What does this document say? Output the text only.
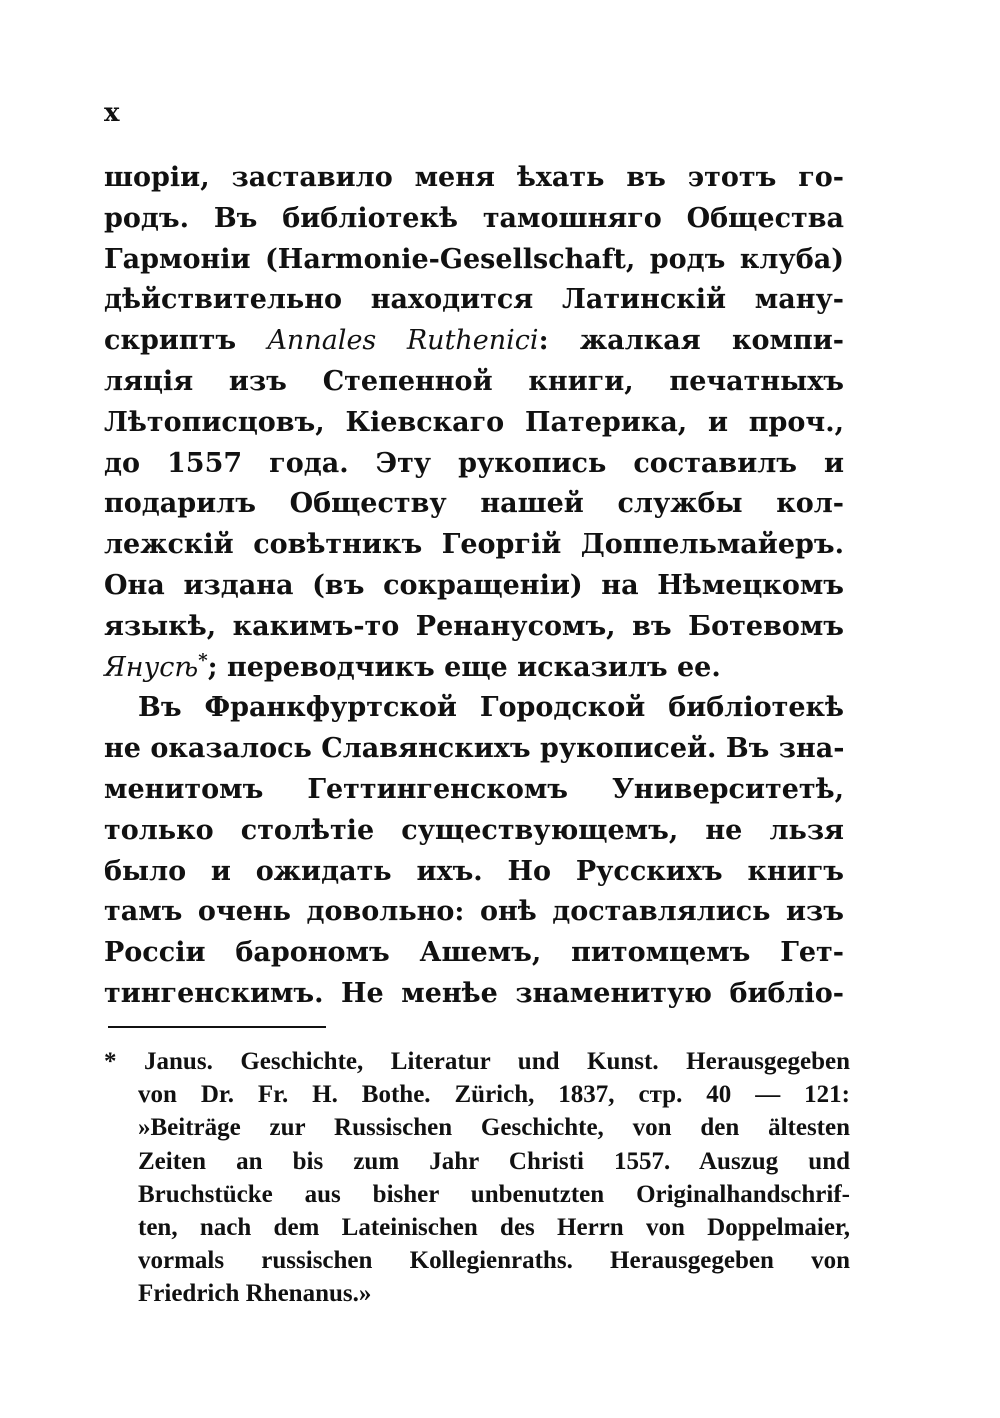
x
шорiи, заставило меня ѣхать въ этотъ го-
родъ. Въ библiотекѣ тамошняго Общества
Гармонiи (Harmonie-Gesellschaft, родъ клуба)
дѣйствительно находится Латинскiй ману-
скриптъ Annales Ruthenici: жалкая компи-
ляцiя изъ Степенной книги, печатныхъ
Лѣтописцовъ, Кiевскаго Патерика, и проч.,
до 1557 года. Эту рукопись составилъ и
подарилъ Обществу нашей службы кол-
лежскiй совѣтникъ Георгiй Доппельмайеръ.
Она издана (въ сокращенiи) на Нѣмецкомъ
языкѣ, какимъ-то Ренанусомъ, въ Ботевомъ
Янусѣ*; переводчикъ еще исказилъ ее.
Въ Франкфуртской Городской библiотекѣ
не оказалось Славянскихъ рукописей. Въ зна-
менитомъ Геттингенскомъ Университетѣ,
только столѣтiе существующемъ, не льзя
было и ожидать ихъ. Но Русскихъ книгъ
тамъ очень довольно: онѣ доставлялись изъ
Россiи барономъ Ашемъ, питомцемъ Гет-
тингенскимъ. Не менѣе знаменитую библiо-
* Janus. Geschichte, Literatur und Kunst. Herausgegeben
von Dr. Fr. H. Bothe. Zürich, 1837, стр. 40 — 121:
»Beiträge zur Russischen Geschichte, von den ältesten
Zeiten an bis zum Jahr Christi 1557. Auszug und
Bruchstücke aus bisher unbenutzten Originalhandschrif-
ten, nach dem Lateinischen des Herrn von Doppelmaier,
vormals russischen Kollegienraths. Herausgegeben von
Friedrich Rhenanus.»
